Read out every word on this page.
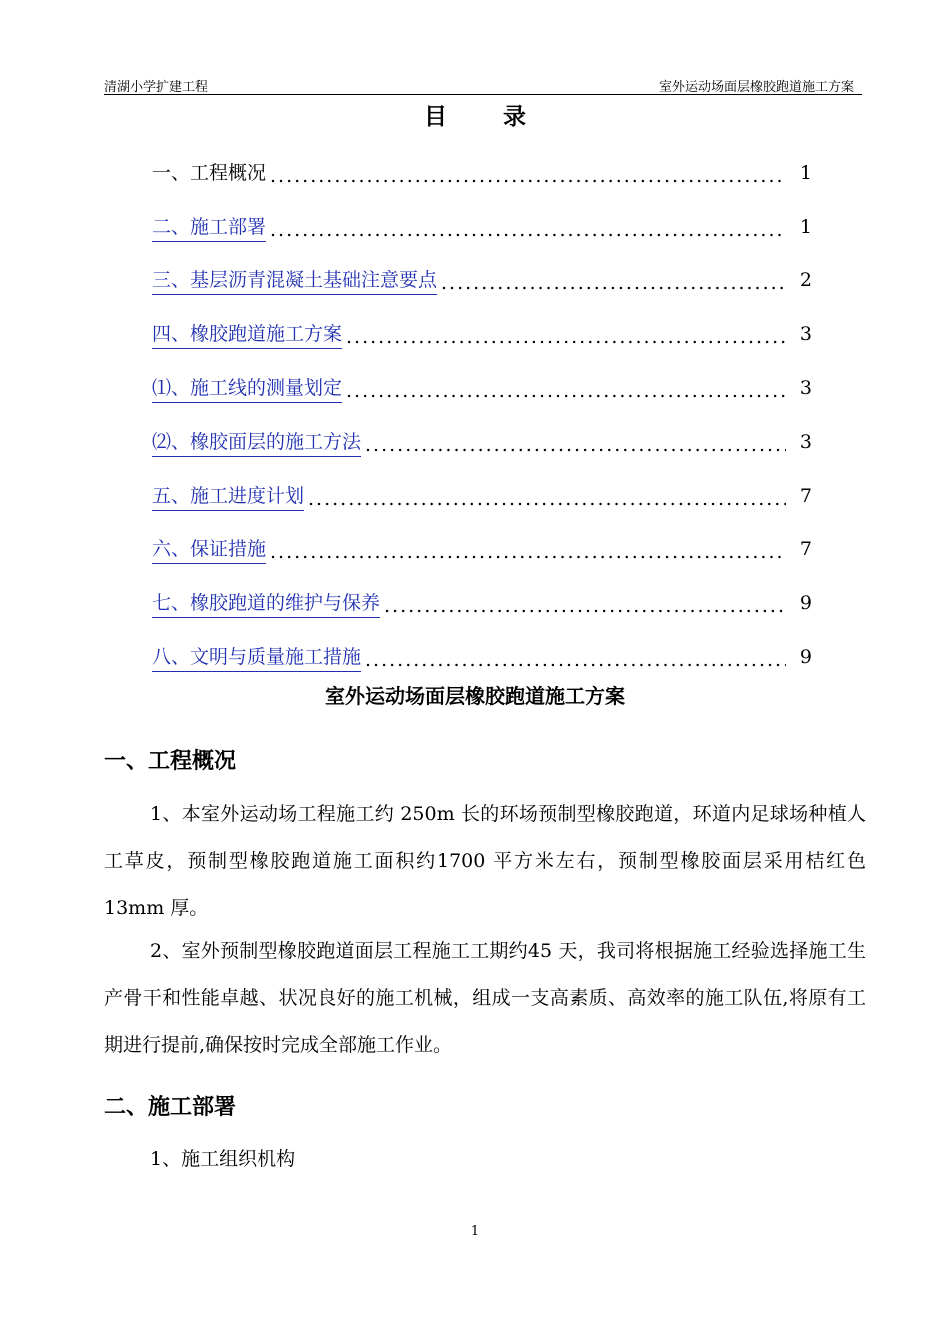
清湖小学扩建工程	室外运动场面层橡胶跑道施工方案
目 录
一、工程概况 .....	1
二、施工部署 .....	1
三、基层沥青混凝土基础注意要点 .....	2
四、橡胶跑道施工方案 .....	3
⑴、施工线的测量划定 .....	3
⑵、橡胶面层的施工方法 .....	3
五、施工进度计划 .....	7
六、保证措施 .....	7
七、橡胶跑道的维护与保养 .....	9
八、文明与质量施工措施 .....	9
室外运动场面层橡胶跑道施工方案
一、工程概况

1、本室外运动场工程施工约 250m 长的环场预制型橡胶跑道，环道内足球场种植人工草皮，预制型橡胶跑道施工面积约1700 平方米左右，预制型橡胶面层采用桔红色 13mm 厚。

2、室外预制型橡胶跑道面层工程施工工期约45 天，我司将根据施工经验选择施工生产骨干和性能卓越、状况良好的施工机械，组成一支高素质、高效率的施工队伍,将原有工期进行提前,确保按时完成全部施工作业。

二、施工部署

1、施工组织机构

1
